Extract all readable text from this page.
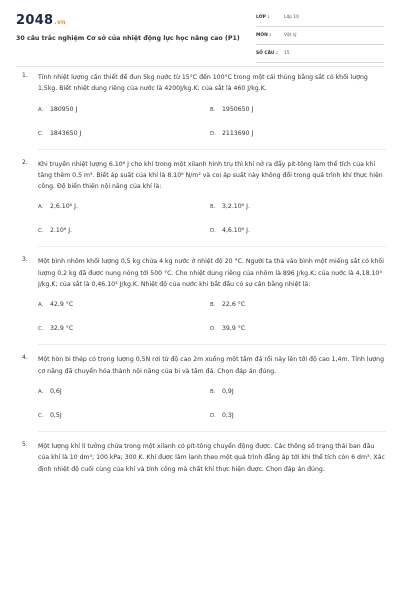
2048.vn
30 câu trắc nghiệm Cơ sở của nhiệt động lực học nâng cao (P1)
LỚP :	Lớp 10
MÔN :	Vật lý
SỐ CÂU : 15
1. Tính nhiệt lượng cần thiết để đun 5kg nước từ 15°C đến 100°C trong một cái thùng bằng sắt có khối lượng 1,5kg. Biết nhiệt dung riêng của nước là 4200J/kg.K; của sắt là 460 J/kg.K.

A. 180950 J	B. 1950650 J
C. 1843650 J	D. 2113690 J
2. Khi truyền nhiệt lượng 6.10⁶ J cho khí trong một xilanh hình trụ thì khí nở ra đẩy pit-tông làm thể tích của khí tăng thêm 0,5 m³. Biết áp suất của khí là 8.10⁶ N/m² và coi áp suất này không đổi trong quá trình khí thực hiện công. Độ biến thiên nội năng của khí là:

A. 2,6.10⁶ J.	B. 3,2.10⁶ J.
C. 2.10⁶ J.	D. 4,6.10⁶ J.
3. Một bình nhôm khối lượng 0,5 kg chứa 4 kg nước ở nhiệt độ 20 °C. Người ta thả vào bình một miếng sắt có khối lượng 0,2 kg đã được nung nóng tới 500 °C. Cho nhiệt dung riêng của nhôm là 896 J/kg.K; của nước là 4,18.10³ J/kg.K; của sắt là 0,46.10³ J/kg.K. Nhiệt độ của nước khi bắt đầu có sự cân bằng nhiệt là:

A. 42,9 °C	B. 22,6 °C
C. 32,9 °C	D. 39,9 °C
4. Một hòn bi thép có trọng lượng 0,5N rơi từ độ cao 2m xuống một tấm đá rồi nảy lên tới độ cao 1,4m. Tính lượng cơ năng đã chuyển hóa thành nội năng của bi và tấm đá. Chọn đáp án đúng.

A. 0,6J	B. 0,9J
C. 0,5J	D. 0,3J
5. Một lượng khí lí tưởng chứa trong một xilanh có pít-tông chuyển động được. Các thông số trạng thái ban đầu của khí là 10 dm³; 100 kPa; 300 K. Khí được làm lạnh theo một quá trình đẳng áp tới khi thể tích còn 6 dm³. Xác định nhiệt độ cuối cùng của khí và tính công mà chất khí thực hiện được. Chọn đáp án đúng.
